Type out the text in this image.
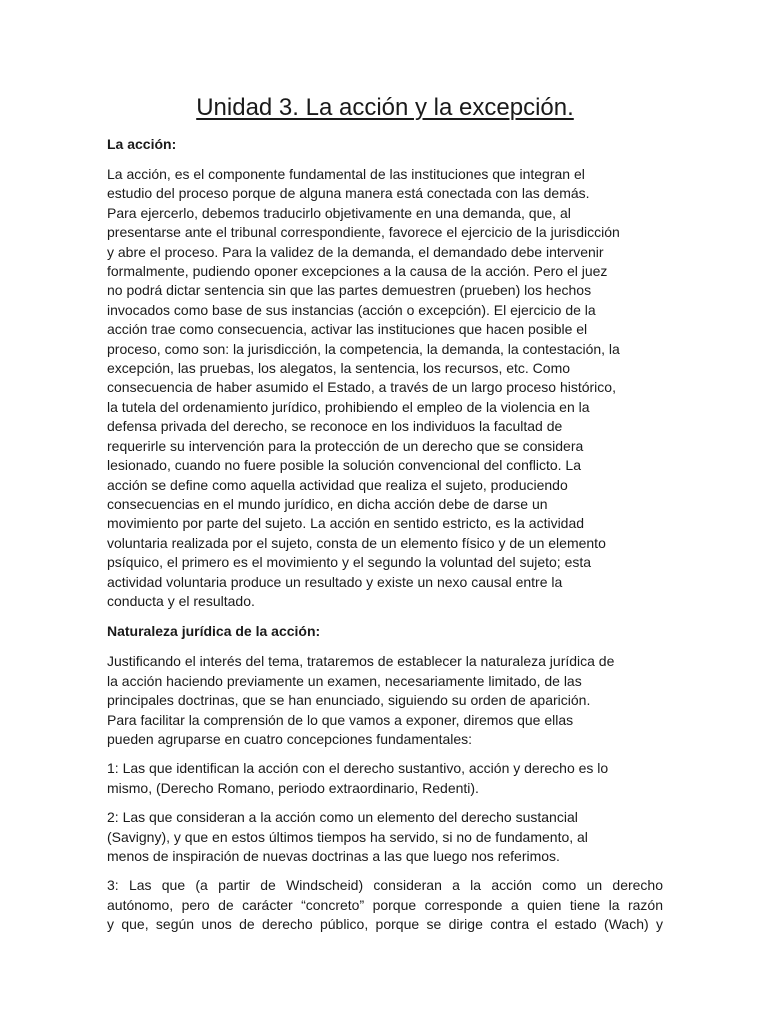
Unidad 3. La acción y la excepción.
La acción:
La acción, es el componente fundamental de las instituciones que integran el
estudio del proceso porque de alguna manera está conectada con las demás.
Para ejercerlo, debemos traducirlo objetivamente en una demanda, que, al
presentarse ante el tribunal correspondiente, favorece el ejercicio de la jurisdicción
y abre el proceso. Para la validez de la demanda, el demandado debe intervenir
formalmente, pudiendo oponer excepciones a la causa de la acción. Pero el juez
no podrá dictar sentencia sin que las partes demuestren (prueben) los hechos
invocados como base de sus instancias (acción o excepción). El ejercicio de la
acción trae como consecuencia, activar las instituciones que hacen posible el
proceso, como son: la jurisdicción, la competencia, la demanda, la contestación, la
excepción, las pruebas, los alegatos, la sentencia, los recursos, etc. Como
consecuencia de haber asumido el Estado, a través de un largo proceso histórico,
la tutela del ordenamiento jurídico, prohibiendo el empleo de la violencia en la
defensa privada del derecho, se reconoce en los individuos la facultad de
requerirle su intervención para la protección de un derecho que se considera
lesionado, cuando no fuere posible la solución convencional del conflicto. La
acción se define como aquella actividad que realiza el sujeto, produciendo
consecuencias en el mundo jurídico, en dicha acción debe de darse un
movimiento por parte del sujeto. La acción en sentido estricto, es la actividad
voluntaria realizada por el sujeto, consta de un elemento físico y de un elemento
psíquico, el primero es el movimiento y el segundo la voluntad del sujeto; esta
actividad voluntaria produce un resultado y existe un nexo causal entre la
conducta y el resultado.
Naturaleza jurídica de la acción:
Justificando el interés del tema, trataremos de establecer la naturaleza jurídica de
la acción haciendo previamente un examen, necesariamente limitado, de las
principales doctrinas, que se han enunciado, siguiendo su orden de aparición.
Para facilitar la comprensión de lo que vamos a exponer, diremos que ellas
pueden agruparse en cuatro concepciones fundamentales:
1: Las que identifican la acción con el derecho sustantivo, acción y derecho es lo
mismo, (Derecho Romano, periodo extraordinario, Redenti).
2: Las que consideran a la acción como un elemento del derecho sustancial
(Savigny), y que en estos últimos tiempos ha servido, si no de fundamento, al
menos de inspiración de nuevas doctrinas a las que luego nos referimos.
3: Las que (a partir de Windscheid) consideran a la acción como un derecho
autónomo, pero de carácter “concreto” porque corresponde a quien tiene la razón
y que, según unos de derecho público, porque se dirige contra el estado (Wach) y
